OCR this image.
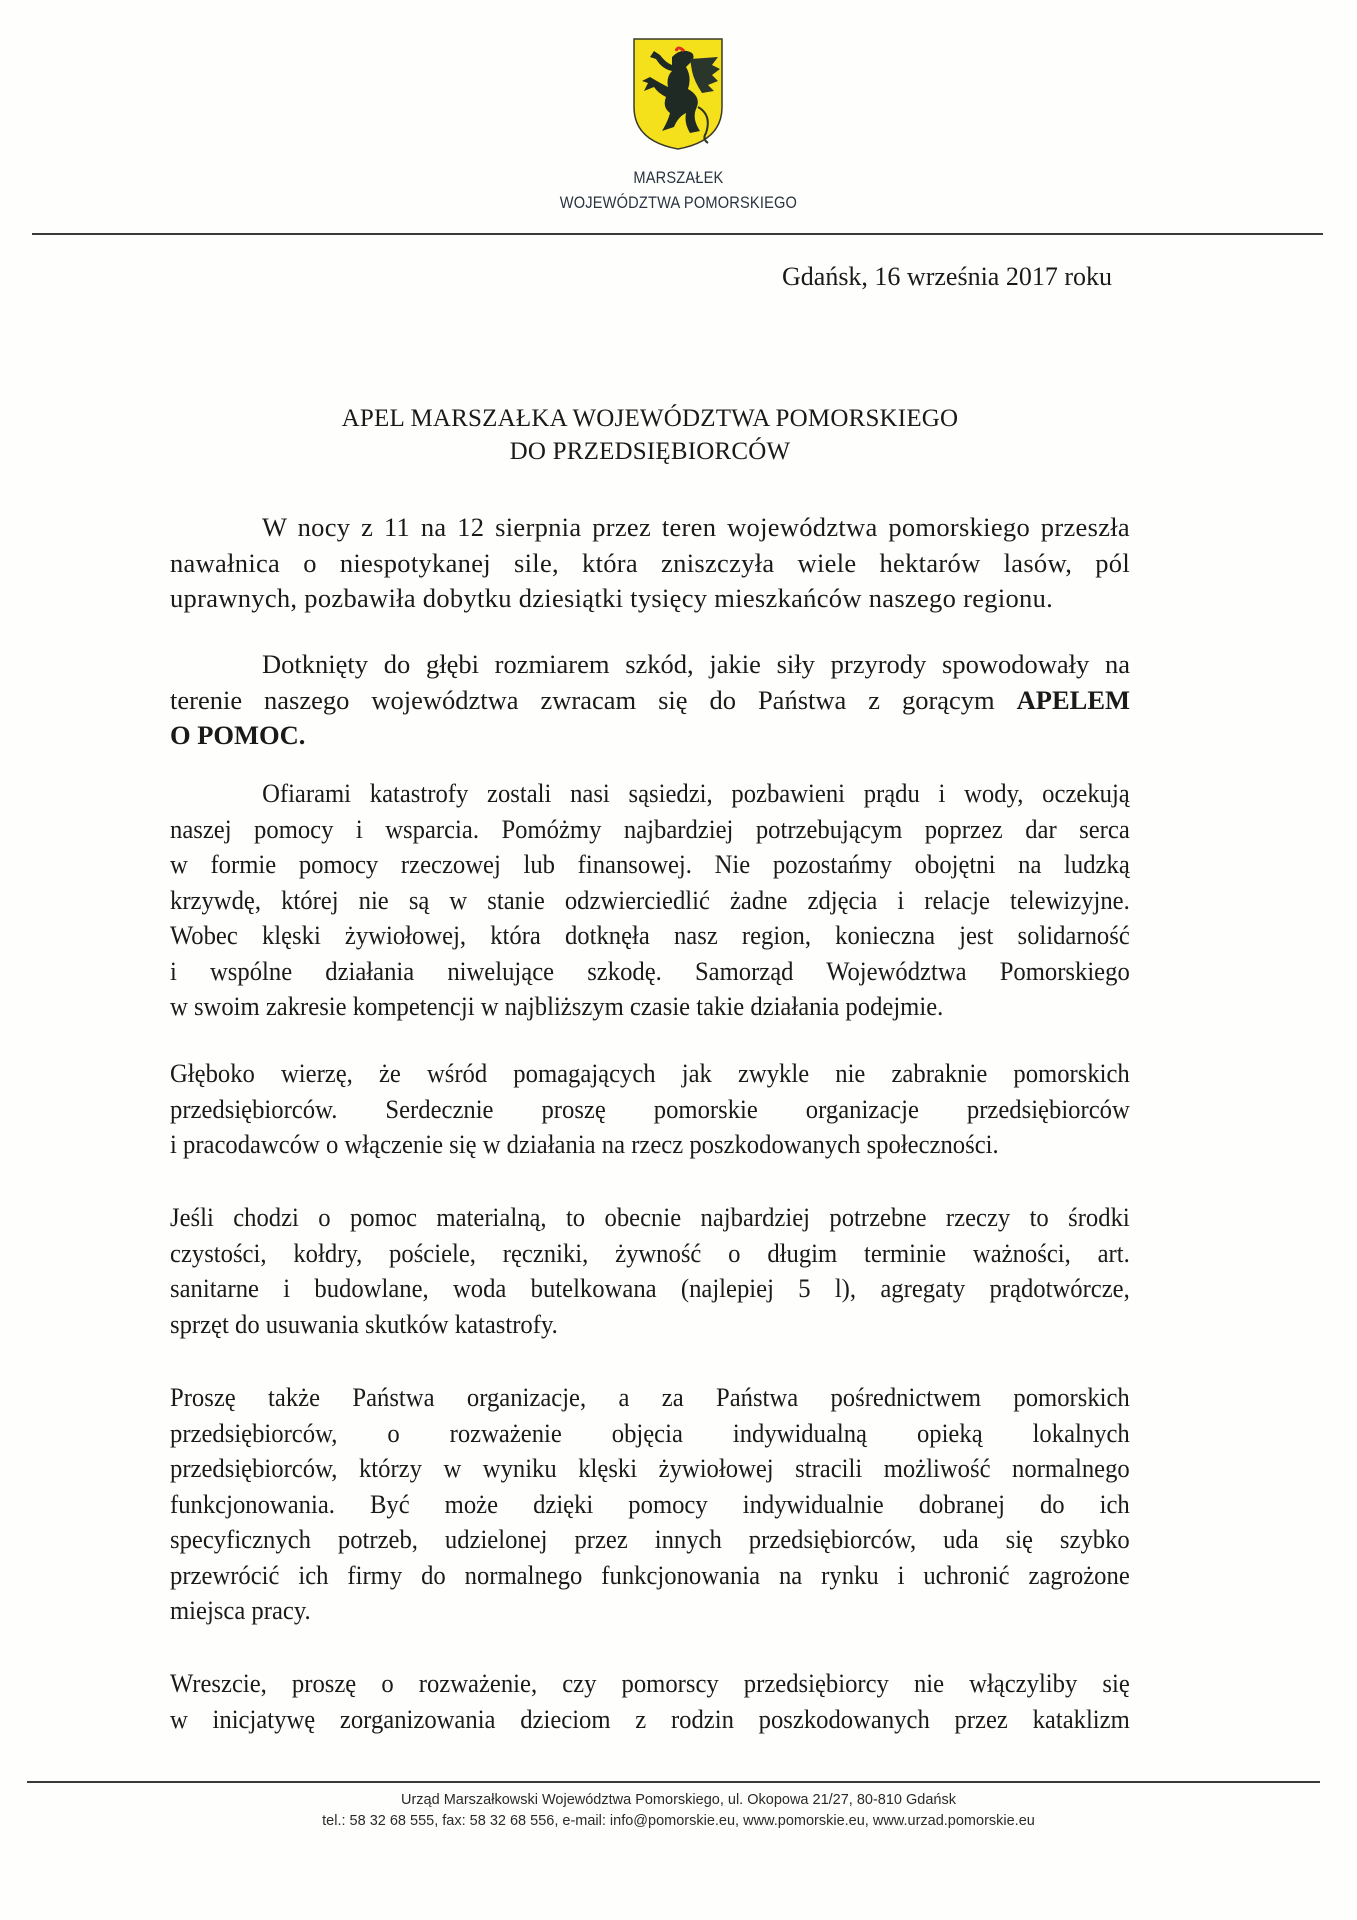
MARSZAŁEK
WOJEWÓDZTWA POMORSKIEGO
Gdańsk, 16 września 2017 roku
APEL MARSZAŁKA WOJEWÓDZTWA POMORSKIEGO
DO PRZEDSIĘBIORCÓW
W nocy z 11 na 12 sierpnia przez teren województwa pomorskiego przeszła
nawałnica o niespotykanej sile, która zniszczyła wiele hektarów lasów, pól
uprawnych, pozbawiła dobytku dziesiątki tysięcy mieszkańców naszego regionu.
Dotknięty do głębi rozmiarem szkód, jakie siły przyrody spowodowały na
terenie naszego województwa zwracam się do Państwa z gorącym APELEM
O POMOC.
Ofiarami katastrofy zostali nasi sąsiedzi, pozbawieni prądu i wody, oczekują
naszej pomocy i wsparcia. Pomóżmy najbardziej potrzebującym poprzez dar serca
w formie pomocy rzeczowej lub finansowej. Nie pozostańmy obojętni na ludzką
krzywdę, której nie są w stanie odzwierciedlić żadne zdjęcia i relacje telewizyjne.
Wobec klęski żywiołowej, która dotknęła nasz region, konieczna jest solidarność
i wspólne działania niwelujące szkodę. Samorząd Województwa Pomorskiego
w swoim zakresie kompetencji w najbliższym czasie takie działania podejmie.
Głęboko wierzę, że wśród pomagających jak zwykle nie zabraknie pomorskich
przedsiębiorców. Serdecznie proszę pomorskie organizacje przedsiębiorców
i pracodawców o włączenie się w działania na rzecz poszkodowanych społeczności.
Jeśli chodzi o pomoc materialną, to obecnie najbardziej potrzebne rzeczy to środki
czystości, kołdry, pościele, ręczniki, żywność o długim terminie ważności, art.
sanitarne i budowlane, woda butelkowana (najlepiej 5 l), agregaty prądotwórcze,
sprzęt do usuwania skutków katastrofy.
Proszę także Państwa organizacje, a za Państwa pośrednictwem pomorskich
przedsiębiorców, o rozważenie objęcia indywidualną opieką lokalnych
przedsiębiorców, którzy w wyniku klęski żywiołowej stracili możliwość normalnego
funkcjonowania. Być może dzięki pomocy indywidualnie dobranej do ich
specyficznych potrzeb, udzielonej przez innych przedsiębiorców, uda się szybko
przewrócić ich firmy do normalnego funkcjonowania na rynku i uchronić zagrożone
miejsca pracy.
Wreszcie, proszę o rozważenie, czy pomorscy przedsiębiorcy nie włączyliby się
w inicjatywę zorganizowania dzieciom z rodzin poszkodowanych przez kataklizm
Urząd Marszałkowski Województwa Pomorskiego, ul. Okopowa 21/27, 80-810 Gdańsk
tel.: 58 32 68 555, fax: 58 32 68 556, e-mail: info@pomorskie.eu, www.pomorskie.eu, www.urzad.pomorskie.eu
